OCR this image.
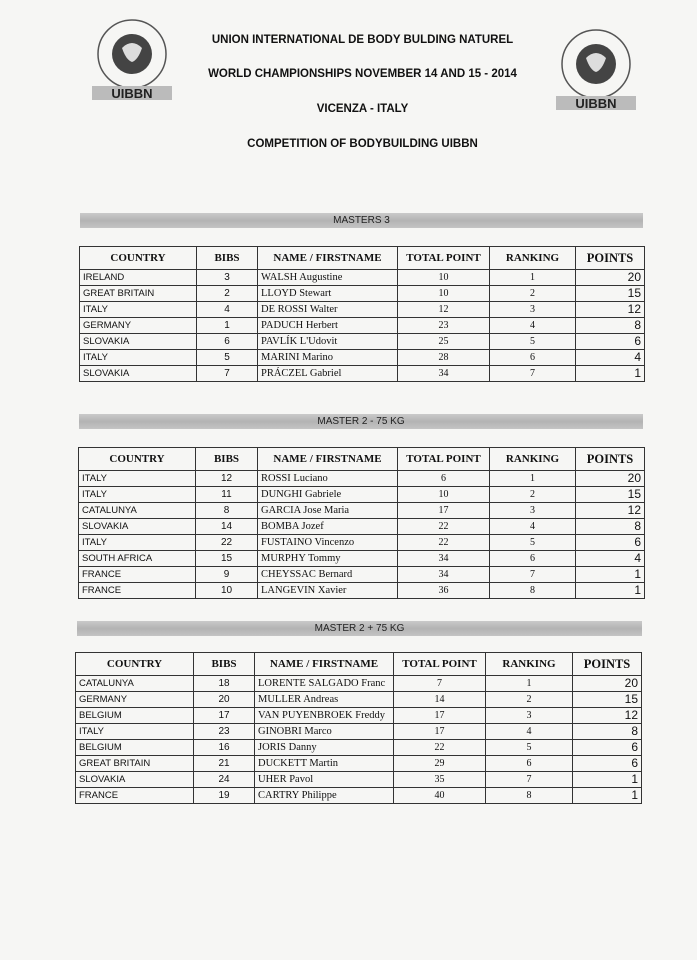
UIBBN
UIBBN
UNION INTERNATIONAL DE BODY BULDING NATUREL
WORLD CHAMPIONSHIPS NOVEMBER 14 AND 15 - 2014
VICENZA - ITALY
COMPETITION OF BODYBUILDING UIBBN
MASTERS 3
MASTER 2 - 75 KG
MASTER 2 + 75 KG
COUNTRY	BIBS	NAME / FIRSTNAME	TOTAL POINT	RANKING	POINTS
IRELAND	3	WALSH Augustine	10	1	20
GREAT BRITAIN	2	LLOYD Stewart	10	2	15
ITALY	4	DE ROSSI Walter	12	3	12
GERMANY	1	PADUCH Herbert	23	4	8
SLOVAKIA	6	PAVLÍK L'Udovit	25	5	6
ITALY	5	MARINI Marino	28	6	4
SLOVAKIA	7	PRÁCZEL Gabriel	34	7	1
COUNTRY	BIBS	NAME / FIRSTNAME	TOTAL POINT	RANKING	POINTS
ITALY	12	ROSSI Luciano	6	1	20
ITALY	11	DUNGHI Gabriele	10	2	15
CATALUNYA	8	GARCIA Jose Maria	17	3	12
SLOVAKIA	14	BOMBA Jozef	22	4	8
ITALY	22	FUSTAINO Vincenzo	22	5	6
SOUTH AFRICA	15	MURPHY Tommy	34	6	4
FRANCE	9	CHEYSSAC Bernard	34	7	1
FRANCE	10	LANGEVIN Xavier	36	8	1
COUNTRY	BIBS	NAME / FIRSTNAME	TOTAL POINT	RANKING	POINTS
CATALUNYA	18	LORENTE SALGADO Franc	7	1	20
GERMANY	20	MULLER Andreas	14	2	15
BELGIUM	17	VAN PUYENBROEK Freddy	17	3	12
ITALY	23	GINOBRI Marco	17	4	8
BELGIUM	16	JORIS Danny	22	5	6
GREAT BRITAIN	21	DUCKETT Martin	29	6	6
SLOVAKIA	24	UHER Pavol	35	7	1
FRANCE	19	CARTRY Philippe	40	8	1
